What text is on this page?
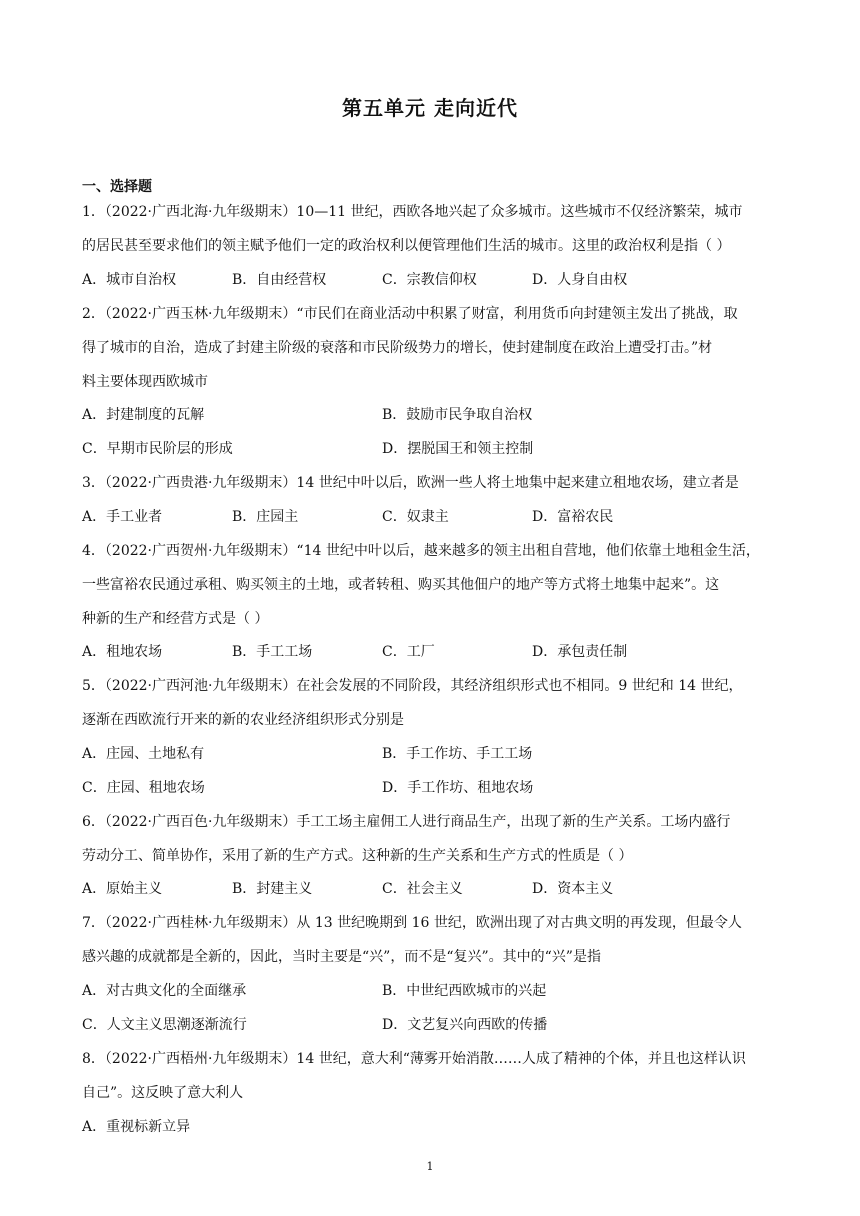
第五单元 走向近代
一、选择题
1．（2022·广西北海·九年级期末）10—11 世纪，西欧各地兴起了众多城市。这些城市不仅经济繁荣，城市
的居民甚至要求他们的领主赋予他们一定的政治权利以便管理他们生活的城市。这里的政治权利是指（ ）
A．城市自治权	B．自由经营权	C．宗教信仰权	D．人身自由权
2．（2022·广西玉林·九年级期末）“市民们在商业活动中积累了财富，利用货币向封建领主发出了挑战，取
得了城市的自治，造成了封建主阶级的衰落和市民阶级势力的增长，使封建制度在政治上遭受打击。”材
料主要体现西欧城市
A．封建制度的瓦解	B．鼓励市民争取自治权
C．早期市民阶层的形成	D．摆脱国王和领主控制
3．（2022·广西贵港·九年级期末）14 世纪中叶以后，欧洲一些人将土地集中起来建立租地农场，建立者是
A．手工业者	B．庄园主	C．奴隶主	D．富裕农民
4．（2022·广西贺州·九年级期末）“14 世纪中叶以后，越来越多的领主出租自营地，他们依靠土地租金生活，
一些富裕农民通过承租、购买领主的土地，或者转租、购买其他佃户的地产等方式将土地集中起来”。这
种新的生产和经营方式是（ ）
A．租地农场	B．手工工场	C．工厂	D．承包责任制
5．（2022·广西河池·九年级期末）在社会发展的不同阶段，其经济组织形式也不相同。9 世纪和 14 世纪，
逐渐在西欧流行开来的新的农业经济组织形式分别是
A．庄园、土地私有	B．手工作坊、手工工场
C．庄园、租地农场	D．手工作坊、租地农场
6．（2022·广西百色·九年级期末）手工工场主雇佣工人进行商品生产，出现了新的生产关系。工场内盛行
劳动分工、简单协作，采用了新的生产方式。这种新的生产关系和生产方式的性质是（ ）
A．原始主义	B．封建主义	C．社会主义	D．资本主义
7．（2022·广西桂林·九年级期末）从 13 世纪晚期到 16 世纪，欧洲出现了对古典文明的再发现，但最令人
感兴趣的成就都是全新的，因此，当时主要是“兴”，而不是“复兴”。其中的“兴”是指
A．对古典文化的全面继承	B．中世纪西欧城市的兴起
C．人文主义思潮逐渐流行	D．文艺复兴向西欧的传播
8．（2022·广西梧州·九年级期末）14 世纪，意大利“薄雾开始消散……人成了精神的个体，并且也这样认识
自己”。这反映了意大利人
A．重视标新立异
1
